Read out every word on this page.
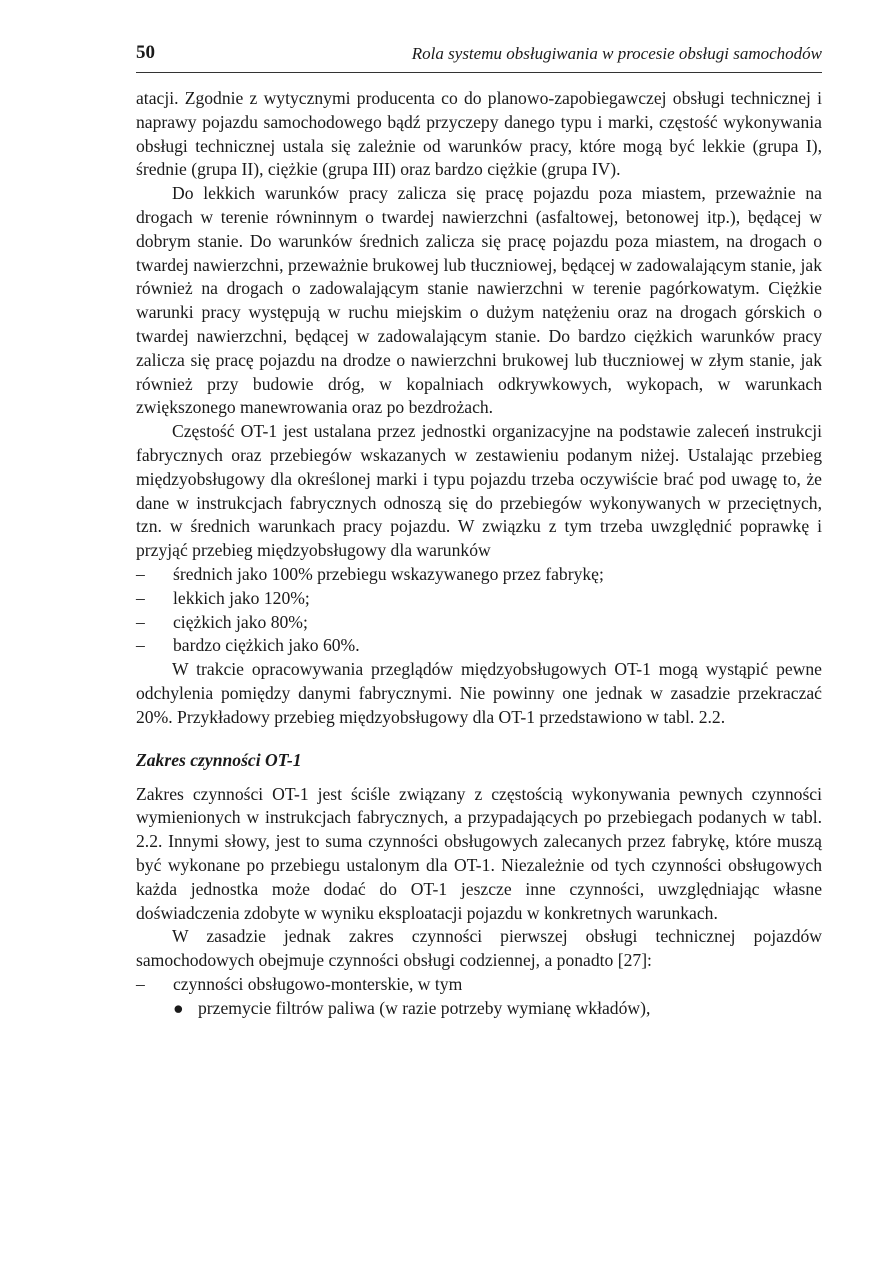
50	Rola systemu obsługiwania w procesie obsługi samochodów

atacji. Zgodnie z wytycznymi producenta co do planowo-zapobiegawczej obsługi technicznej i naprawy pojazdu samochodowego bądź przyczepy danego typu i marki, częstość wykonywania obsługi technicznej ustala się zależnie od warunków pracy, które mogą być lekkie (grupa I), średnie (grupa II), ciężkie (grupa III) oraz bardzo ciężkie (grupa IV).

Do lekkich warunków pracy zalicza się pracę pojazdu poza miastem, przeważnie na drogach w terenie równinnym o twardej nawierzchni (asfaltowej, betonowej itp.), będącej w dobrym stanie. Do warunków średnich zalicza się pracę pojazdu poza miastem, na drogach o twardej nawierzchni, przeważnie brukowej lub tłuczniowej, będącej w zadowalającym stanie, jak również na drogach o zadowalającym stanie nawierzchni w terenie pagórkowatym. Ciężkie warunki pracy występują w ruchu miejskim o dużym natężeniu oraz na drogach górskich o twardej nawierzchni, będącej w zadowalającym stanie. Do bardzo ciężkich warunków pracy zalicza się pracę pojazdu na drodze o nawierzchni brukowej lub tłuczniowej w złym stanie, jak również przy budowie dróg, w kopalniach odkrywkowych, wykopach, w warunkach zwiększonego manewrowania oraz po bezdrożach.

Częstość OT-1 jest ustalana przez jednostki organizacyjne na podstawie zaleceń instrukcji fabrycznych oraz przebiegów wskazanych w zestawieniu podanym niżej. Ustalając przebieg międzyobsługowy dla określonej marki i typu pojazdu trzeba oczywiście brać pod uwagę to, że dane w instrukcjach fabrycznych odnoszą się do przebiegów wykonywanych w przeciętnych, tzn. w średnich warunkach pracy pojazdu. W związku z tym trzeba uwzględnić poprawkę i przyjąć przebieg międzyobsługowy dla warunków

– średnich jako 100% przebiegu wskazywanego przez fabrykę;
– lekkich jako 120%;
– ciężkich jako 80%;
– bardzo ciężkich jako 60%.

W trakcie opracowywania przeglądów międzyobsługowych OT-1 mogą wystąpić pewne odchylenia pomiędzy danymi fabrycznymi. Nie powinny one jednak w zasadzie przekraczać 20%. Przykładowy przebieg międzyobsługowy dla OT-1 przedstawiono w tabl. 2.2.

Zakres czynności OT-1

Zakres czynności OT-1 jest ściśle związany z częstością wykonywania pewnych czynności wymienionych w instrukcjach fabrycznych, a przypadających po przebiegach podanych w tabl. 2.2. Innymi słowy, jest to suma czynności obsługowych zalecanych przez fabrykę, które muszą być wykonane po przebiegu ustalonym dla OT-1. Niezależnie od tych czynności obsługowych każda jednostka może dodać do OT-1 jeszcze inne czynności, uwzględniając własne doświadczenia zdobyte w wyniku eksploatacji pojazdu w konkretnych warunkach.

W zasadzie jednak zakres czynności pierwszej obsługi technicznej pojazdów samochodowych obejmuje czynności obsługi codziennej, a ponadto [27]:

– czynności obsługowo-monterskie, w tym
● przemycie filtrów paliwa (w razie potrzeby wymianę wkładów),
